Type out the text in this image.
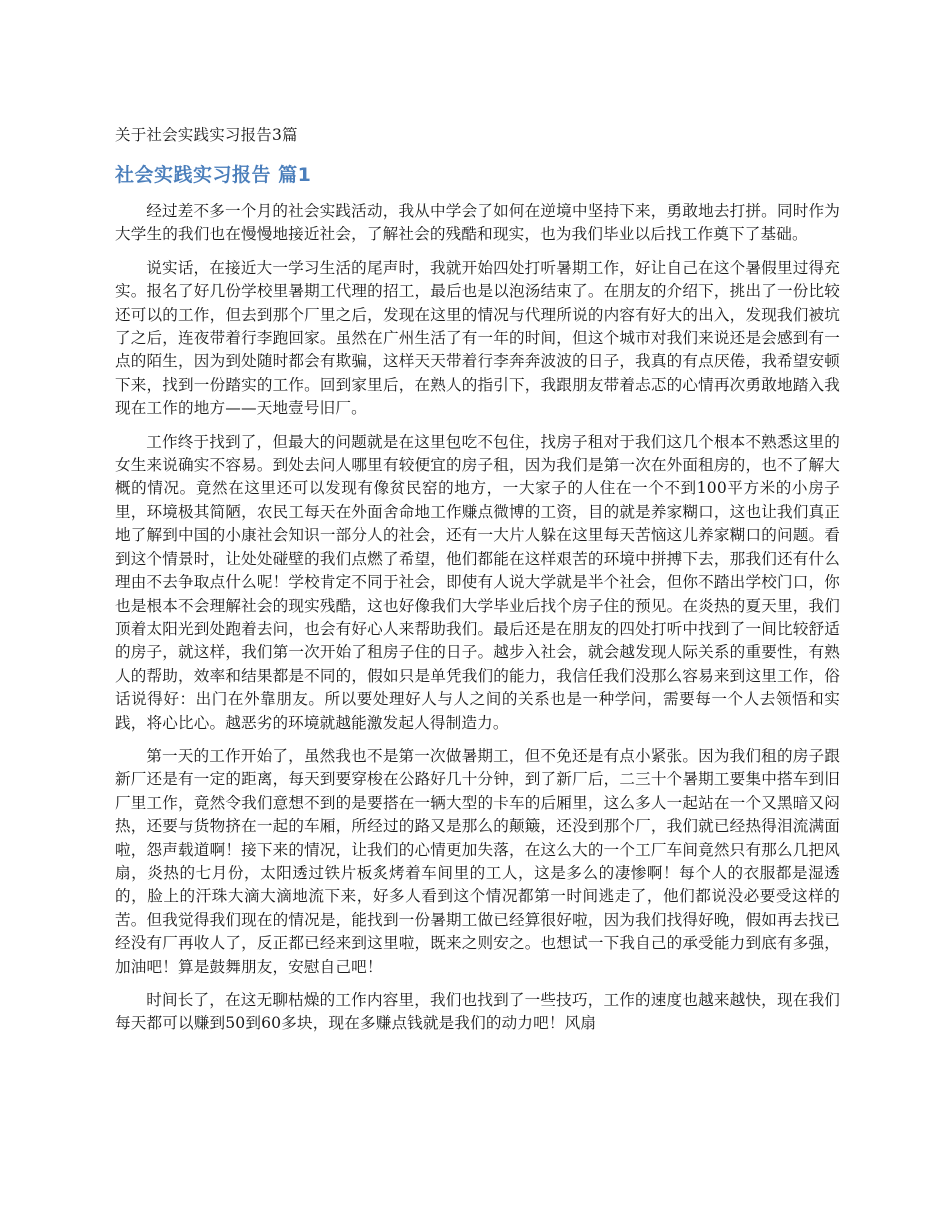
关于社会实践实习报告3篇
社会实践实习报告 篇1

经过差不多一个月的社会实践活动，我从中学会了如何在逆境中坚持下来，勇敢地去打拼。同时作为大学生的我们也在慢慢地接近社会，了解社会的残酷和现实，也为我们毕业以后找工作奠下了基础。

说实话，在接近大一学习生活的尾声时，我就开始四处打听暑期工作，好让自己在这个暑假里过得充实。报名了好几份学校里暑期工代理的招工，最后也是以泡汤结束了。在朋友的介绍下，挑出了一份比较还可以的工作，但去到那个厂里之后，发现在这里的情况与代理所说的内容有好大的出入，发现我们被坑了之后，连夜带着行李跑回家。虽然在广州生活了有一年的时间，但这个城市对我们来说还是会感到有一点的陌生，因为到处随时都会有欺骗，这样天天带着行李奔奔波波的日子，我真的有点厌倦，我希望安顿下来，找到一份踏实的工作。回到家里后，在熟人的指引下，我跟朋友带着忐忑的心情再次勇敢地踏入我现在工作的地方——天地壹号旧厂。

工作终于找到了，但最大的问题就是在这里包吃不包住，找房子租对于我们这几个根本不熟悉这里的女生来说确实不容易。到处去问人哪里有较便宜的房子租，因为我们是第一次在外面租房的，也不了解大概的情况。竟然在这里还可以发现有像贫民窑的地方，一大家子的人住在一个不到100平方米的小房子里，环境极其简陋，农民工每天在外面舍命地工作赚点微博的工资，目的就是养家糊口，这也让我们真正地了解到中国的小康社会知识一部分人的社会，还有一大片人躲在这里每天苦恼这儿养家糊口的问题。看到这个情景时，让处处碰壁的我们点燃了希望，他们都能在这样艰苦的环境中拼搏下去，那我们还有什么理由不去争取点什么呢！学校肯定不同于社会，即使有人说大学就是半个社会，但你不踏出学校门口，你也是根本不会理解社会的现实残酷，这也好像我们大学毕业后找个房子住的预见。在炎热的夏天里，我们顶着太阳光到处跑着去问，也会有好心人来帮助我们。最后还是在朋友的四处打听中找到了一间比较舒适的房子，就这样，我们第一次开始了租房子住的日子。越步入社会，就会越发现人际关系的重要性，有熟人的帮助，效率和结果都是不同的，假如只是单凭我们的能力，我信任我们没那么容易来到这里工作，俗话说得好：出门在外靠朋友。所以要处理好人与人之间的关系也是一种学问，需要每一个人去领悟和实践，将心比心。越恶劣的环境就越能激发起人得制造力。

第一天的工作开始了，虽然我也不是第一次做暑期工，但不免还是有点小紧张。因为我们租的房子跟新厂还是有一定的距离，每天到要穿梭在公路好几十分钟，到了新厂后，二三十个暑期工要集中搭车到旧厂里工作，竟然令我们意想不到的是要搭在一辆大型的卡车的后厢里，这么多人一起站在一个又黑暗又闷热，还要与货物挤在一起的车厢，所经过的路又是那么的颠簸，还没到那个厂，我们就已经热得泪流满面啦，怨声载道啊！接下来的情况，让我们的心情更加失落，在这么大的一个工厂车间竟然只有那么几把风扇，炎热的七月份，太阳透过铁片板炙烤着车间里的工人，这是多么的凄惨啊！每个人的衣服都是湿透的，脸上的汗珠大滴大滴地流下来，好多人看到这个情况都第一时间逃走了，他们都说没必要受这样的苦。但我觉得我们现在的情况是，能找到一份暑期工做已经算很好啦，因为我们找得好晚，假如再去找已经没有厂再收人了，反正都已经来到这里啦，既来之则安之。也想试一下我自己的承受能力到底有多强，加油吧！算是鼓舞朋友，安慰自己吧！

时间长了，在这无聊枯燥的工作内容里，我们也找到了一些技巧，工作的速度也越来越快，现在我们每天都可以赚到50到60多块，现在多赚点钱就是我们的动力吧！风扇
